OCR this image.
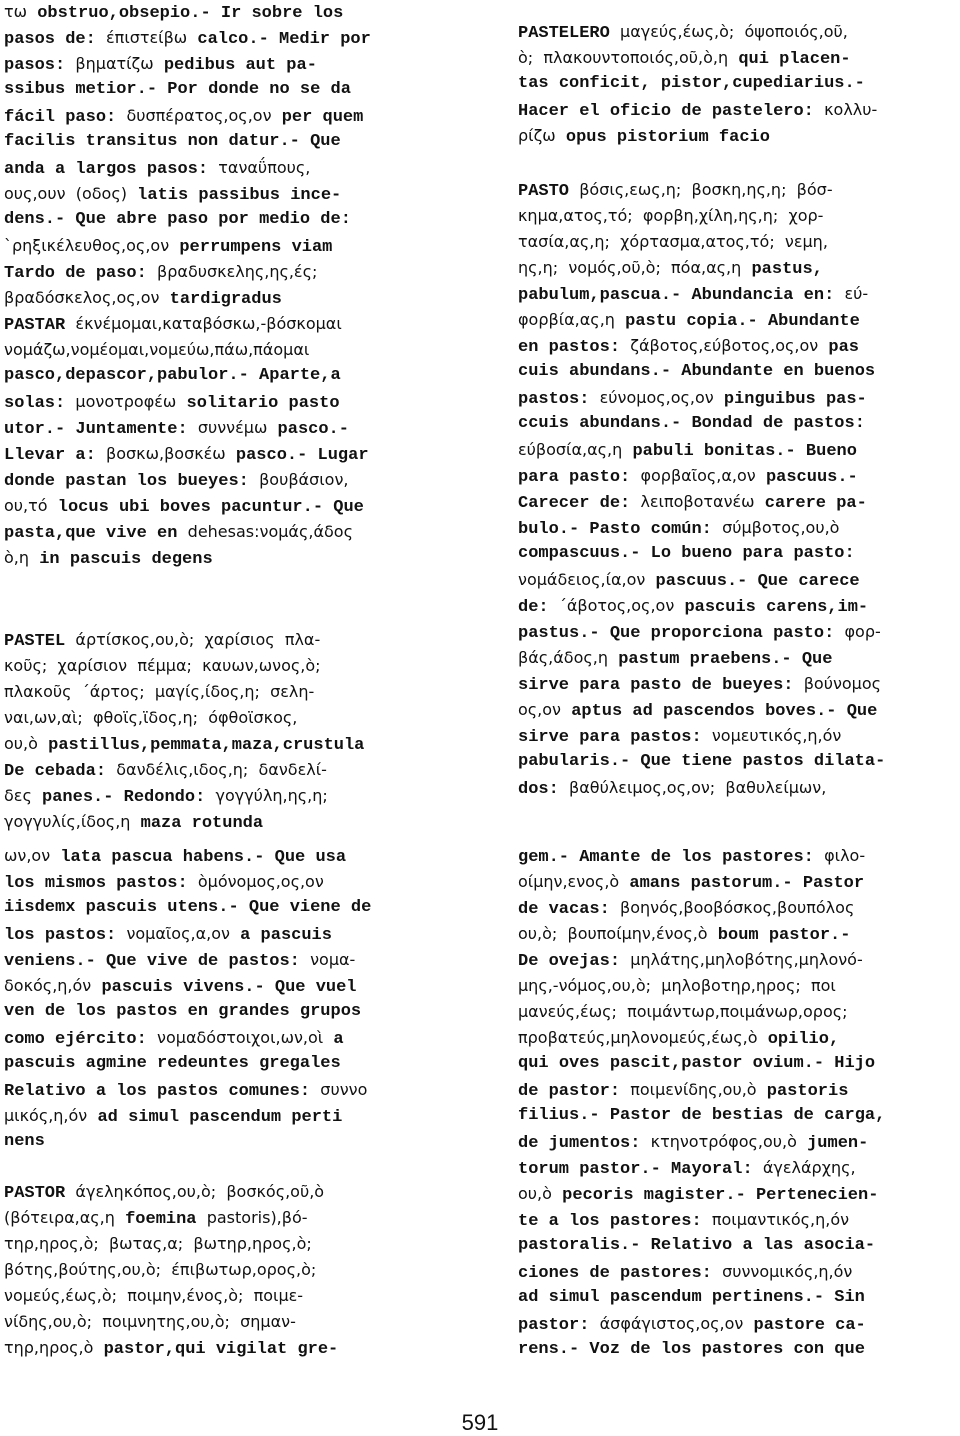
τω obstruo,obsepio.- Ir sobre los
pasos de: έπιστείβω calco.- Medir por
pasos: βηματίζω pedibus aut pa-
ssibus metior.- Por donde no se da
fácil paso: δυσπέρατος,ος,ον per quem
facilis transitus non datur.- Que
anda a largos pasos: ταναΰπους,
ους,ουν (οδος) latis passibus ince-
dens.- Que abre paso por medio de:
`ρηξικέλευθος,ος,ον perrumpens viam
Tardo de paso: βραδυσκελης,ης,ές;
βραδόσκελος,ος,ον tardigradus
PASTAR έκνέμομαι,καταβόσκω,-βόσκομαι
νομάζω,νομέομαι,νομεύω,πάω,πάομαι
pasco,depascor,pabulor.- Aparte,a
solas: μονοτροφέω solitario pasto
utor.- Juntamente: συννέμω pasco.-
Llevar a: βοσκω,βοσκέω pasco.- Lugar
donde pastan los bueyes: βουβάσιον,
ου,τό locus ubi boves pacuntur.- Que
pasta,que vive en dehesas:νομάς,άδος
ὸ,η in pascuis degens
PASTEL άρτίσκος,ου,ὸ; χαρίσιος πλα-
κοῦς; χαρίσιον πέμμα; καυων,ωνος,ὸ;
πλακοῦς ΄άρτος; μαγίς,ίδος,η; σελη-
ναι,ων,αὶ; φθοϊς,ϊδος,η; όφθοϊσκος,
ου,ὸ pastillus,pemmata,maza,crustula
De cebada: δανδέλις,ιδος,η; δανδελί-
δες panes.- Redondo: γογγύλη,ης,η;
γογγυλίς,ίδος,η maza rotunda
ων,ον lata pascua habens.- Que usa
los mismos pastos: ὸμόνομος,ος,ον
iisdemx pascuis utens.- Que viene de
los pastos: νομαῖος,α,ον a pascuis
veniens.- Que vive de pastos: νομα-
δοκός,η,όν pascuis vivens.- Que vuel
ven de los pastos en grandes grupos
como ejército: νομαδόστοιχοι,ων,οὶ a
pascuis agmine redeuntes gregales
Relativo a los pastos comunes: συννο
μικός,η,όν ad simul pascendum perti
nens
PASTOR άγεληκόπος,ου,ὸ; βοσκός,οῦ,ὸ
(βότειρα,ας,η foemina pastoris),βό-
τηρ,ηρος,ὸ; βωτας,α; βωτηρ,ηρος,ὸ;
βότης,βούτης,ου,ὸ; έπιβωτωρ,ορος,ὸ;
νομεύς,έως,ὸ; ποιμην,ένος,ὸ; ποιμε-
νίδης,ου,ὸ; ποιμνητης,ου,ὸ; σημαν-
τηρ,ηρος,ὸ pastor,qui vigilat gre-
PASTELERO μαγεύς,έως,ὸ; όψοποιός,οῦ,
ὸ; πλακουντοποιός,οῦ,ὸ,η qui placen-
tas conficit, pistor,cupediarius.-
Hacer el oficio de pastelero: κολλυ-
ρίζω opus pistorium facio
PASTO βόσις,εως,η; βοσκη,ης,η; βόσ-
κημα,ατος,τό; φορβη,χίλη,ης,η; χορ-
τασία,ας,η; χόρτασμα,ατος,τό; νεμη,
ης,η; νομός,οῦ,ὸ; πόα,ας,η pastus,
pabulum,pascua.- Abundancia en: εύ-
φορβία,ας,η pastu copia.- Abundante
en pastos: ζάβοτος,εύβοτος,ος,ον pas
cuis abundans.- Abundante en buenos
pastos: εύνομος,ος,ον pinguibus pas-
ccuis abundans.- Bondad de pastos:
εύβοσία,ας,η pabuli bonitas.- Bueno
para pasto: φορβαῖος,α,ον pascuus.-
Carecer de: λειποβοτανέω carere pa-
bulo.- Pasto común: σύμβοτος,ου,ὸ
compascuus.- Lo bueno para pasto:
νομάδειος,ία,ον pascuus.- Que carece
de: ΄άβοτος,ος,ον pascuis carens,im-
pastus.- Que proporciona pasto: φορ-
βάς,άδος,η pastum praebens.- Que
sirve para pasto de bueyes: βούνομος
ος,ον aptus ad pascendos boves.- Que
sirve para pastos: νομευτικός,η,όν
pabularis.- Que tiene pastos dilata-
dos: βαθύλειμος,ος,ον; βαθυλείμων,
gem.- Amante de los pastores: φιλο-
οίμην,ενος,ὸ amans pastorum.- Pastor
de vacas: βοηνός,βοοβόσκος,βουπόλος
ου,ὸ; βουποίμην,ένος,ὸ boum pastor.-
De ovejas: μηλάτης,μηλοβότης,μηλονό-
μης,-νόμος,ου,ὸ; μηλοβοτηρ,ηρος; ποι
μανεύς,έως; ποιμάντωρ,ποιμάνωρ,ορος;
προβατεύς,μηλονομεύς,έως,ὸ opilio,
qui oves pascit,pastor ovium.- Hijo
de pastor: ποιμενίδης,ου,ὸ pastoris
filius.- Pastor de bestias de carga,
de jumentos: κτηνοτρόφος,ου,ὸ jumen-
torum pastor.- Mayoral: άγελάρχης,
ου,ὸ pecoris magister.- Pertenecien-
te a los pastores: ποιμαντικός,η,όν
pastoralis.- Relativo a las asocia-
ciones de pastores: συννομικός,η,όν
ad simul pascendum pertinens.- Sin
pastor: άσφάγιστος,ος,ον pastore ca-
rens.- Voz de los pastores con que
591
